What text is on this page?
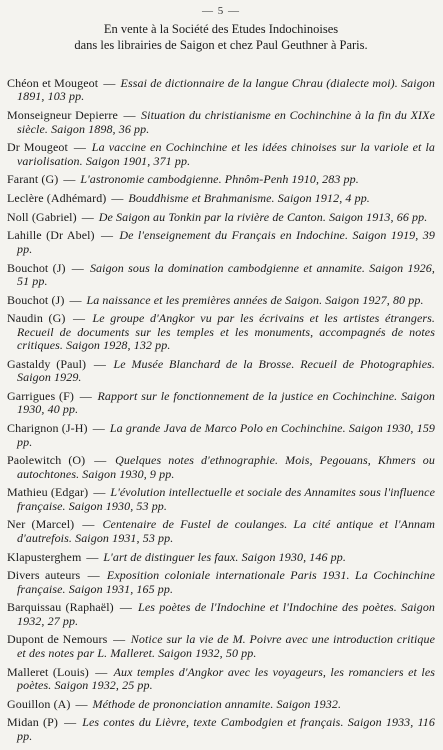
— 5 —
En vente à la Société des Etudes Indochinoises
dans les librairies de Saigon et chez Paul Geuthner à Paris.
Chéon et Mougeot — Essai de dictionnaire de la langue Chrau (dialecte moi). Saigon 1891, 103 pp.
Monseigneur Depierre — Situation du christianisme en Cochinchine à la fin du XIXe siècle. Saigon 1898, 36 pp.
Dr Mougeot — La vaccine en Cochinchine et les idées chinoises sur la variole et la variolisation. Saigon 1901, 371 pp.
Farant (G) — L'astronomie cambodgienne. Phnôm-Penh 1910, 283 pp.
Leclère (Adhémard) — Bouddhisme et Brahmanisme. Saigon 1912, 4 pp.
Noll (Gabriel) — De Saigon au Tonkin par la rivière de Canton. Saigon 1913, 66 pp.
Lahille (Dr Abel) — De l'enseignement du Français en Indochine. Saigon 1919, 39 pp.
Bouchot (J) — Saigon sous la domination cambodgienne et annamite. Saigon 1926, 51 pp.
Bouchot (J) — La naissance et les premières années de Saigon. Saigon 1927, 80 pp.
Naudin (G) — Le groupe d'Angkor vu par les écrivains et les artistes étrangers. Recueil de documents sur les temples et les monuments, accompagnés de notes critiques. Saigon 1928, 132 pp.
Gastaldy (Paul) — Le Musée Blanchard de la Brosse. Recueil de Photographies. Saigon 1929.
Garrigues (F) — Rapport sur le fonctionnement de la justice en Cochinchine. Saigon 1930, 40 pp.
Charignon (J-H) — La grande Java de Marco Polo en Cochinchine. Saigon 1930, 159 pp.
Paolewitch (O) — Quelques notes d'ethnographie. Mois, Pegouans, Khmers ou autochtones. Saigon 1930, 9 pp.
Mathieu (Edgar) — L'évolution intellectuelle et sociale des Annamites sous l'influence française. Saigon 1930, 53 pp.
Ner (Marcel) — Centenaire de Fustel de coulanges. La cité antique et l'Annam d'autrefois. Saigon 1931, 53 pp.
Klapusterghem — L'art de distinguer les faux. Saigon 1930, 146 pp.
Divers auteurs — Exposition coloniale internationale Paris 1931. La Cochinchine française. Saigon 1931, 165 pp.
Barquissau (Raphaël) — Les poètes de l'Indochine et l'Indochine des poètes. Saigon 1932, 27 pp.
Dupont de Nemours — Notice sur la vie de M. Poivre avec une introduction critique et des notes par L. Malleret. Saigon 1932, 50 pp.
Malleret (Louis) — Aux temples d'Angkor avec les voyageurs, les romanciers et les poètes. Saigon 1932, 25 pp.
Gouillon (A) — Méthode de prononciation annamite. Saigon 1932.
Midan (P) — Les contes du Lièvre, texte Cambodgien et français. Saigon 1933, 116 pp.
